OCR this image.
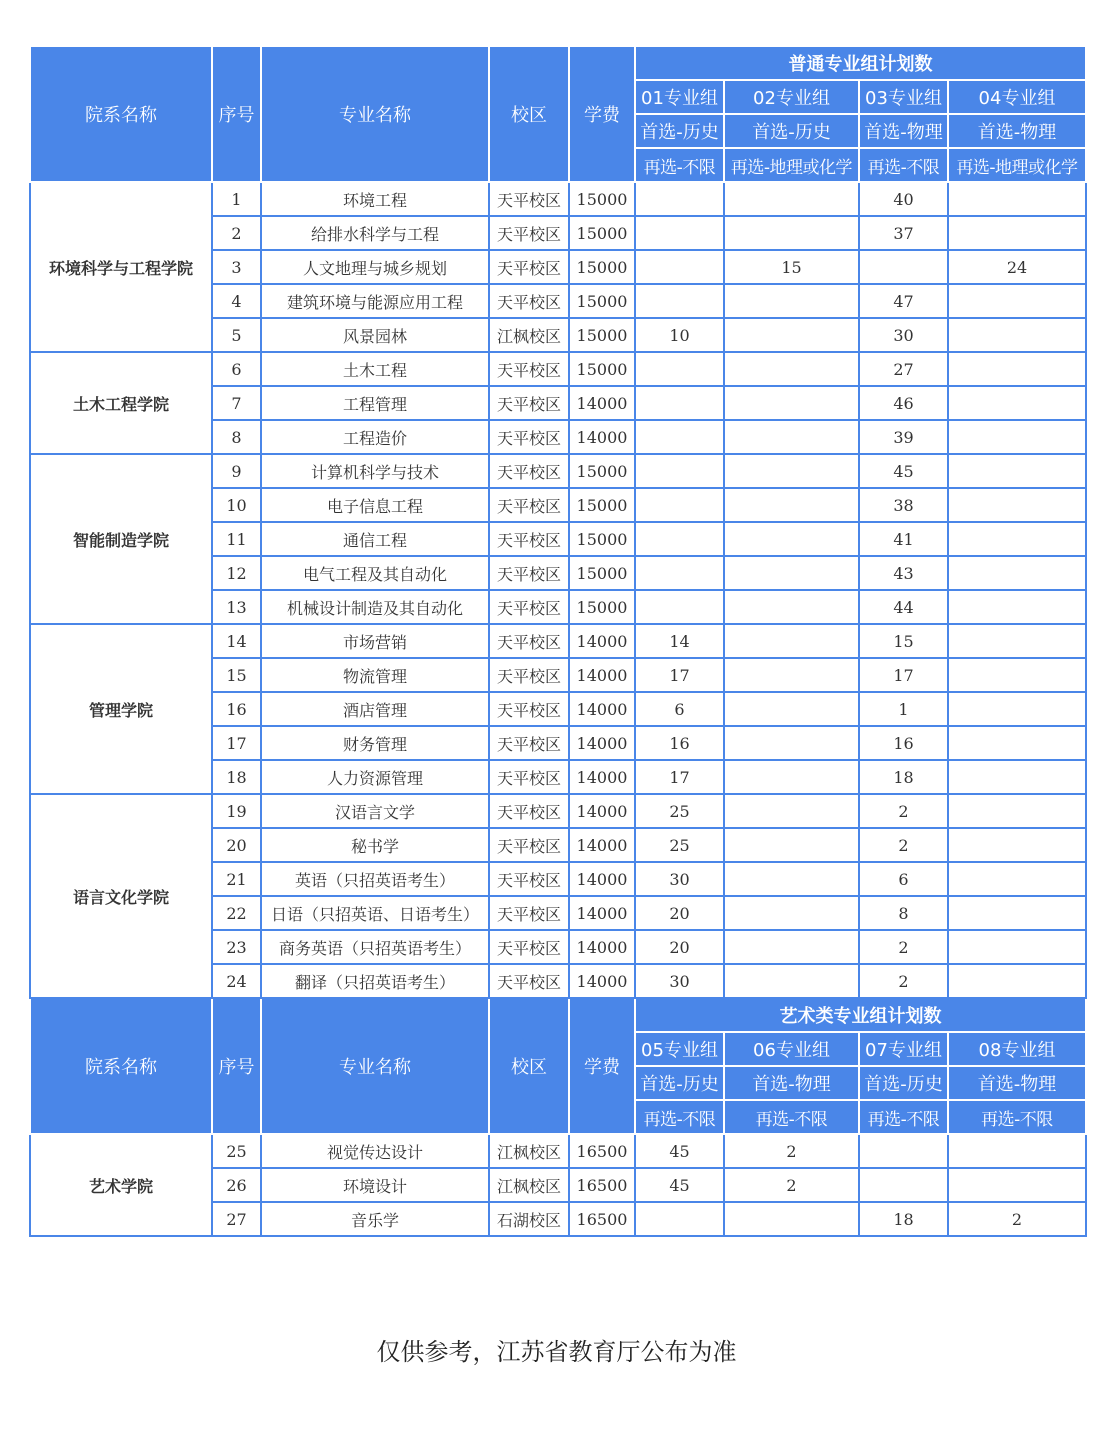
院系名称	序号	专业名称	校区	学费	普通专业组计划数			
					01专业组	02专业组	03专业组	04专业组
					首选-历史	首选-历史	首选-物理	首选-物理
					再选-不限	再选-地理或化学	再选-不限	再选-地理或化学
环境科学与工程学院	1	环境工程	天平校区	15000			40	
	2	给排水科学与工程	天平校区	15000			37	
	3	人文地理与城乡规划	天平校区	15000		15		24
	4	建筑环境与能源应用工程	天平校区	15000			47	
	5	风景园林	江枫校区	15000	10		30	
土木工程学院	6	土木工程	天平校区	15000			27	
	7	工程管理	天平校区	14000			46	
	8	工程造价	天平校区	14000			39	
智能制造学院	9	计算机科学与技术	天平校区	15000			45	
	10	电子信息工程	天平校区	15000			38	
	11	通信工程	天平校区	15000			41	
	12	电气工程及其自动化	天平校区	15000			43	
	13	机械设计制造及其自动化	天平校区	15000			44	
管理学院	14	市场营销	天平校区	14000	14		15	
	15	物流管理	天平校区	14000	17		17	
	16	酒店管理	天平校区	14000	6		1	
	17	财务管理	天平校区	14000	16		16	
	18	人力资源管理	天平校区	14000	17		18	
语言文化学院	19	汉语言文学	天平校区	14000	25		2	
	20	秘书学	天平校区	14000	25		2	
	21	英语（只招英语考生）	天平校区	14000	30		6	
	22	日语（只招英语、日语考生）	天平校区	14000	20		8	
	23	商务英语（只招英语考生）	天平校区	14000	20		2	
	24	翻译（只招英语考生）	天平校区	14000	30		2	
院系名称	序号	专业名称	校区	学费	艺术类专业组计划数			
					05专业组	06专业组	07专业组	08专业组
					首选-历史	首选-物理	首选-历史	首选-物理
					再选-不限	再选-不限	再选-不限	再选-不限
艺术学院	25	视觉传达设计	江枫校区	16500	45	2		
	26	环境设计	江枫校区	16500	45	2		
	27	音乐学	石湖校区	16500			18	2
仅供参考，江苏省教育厅公布为准
